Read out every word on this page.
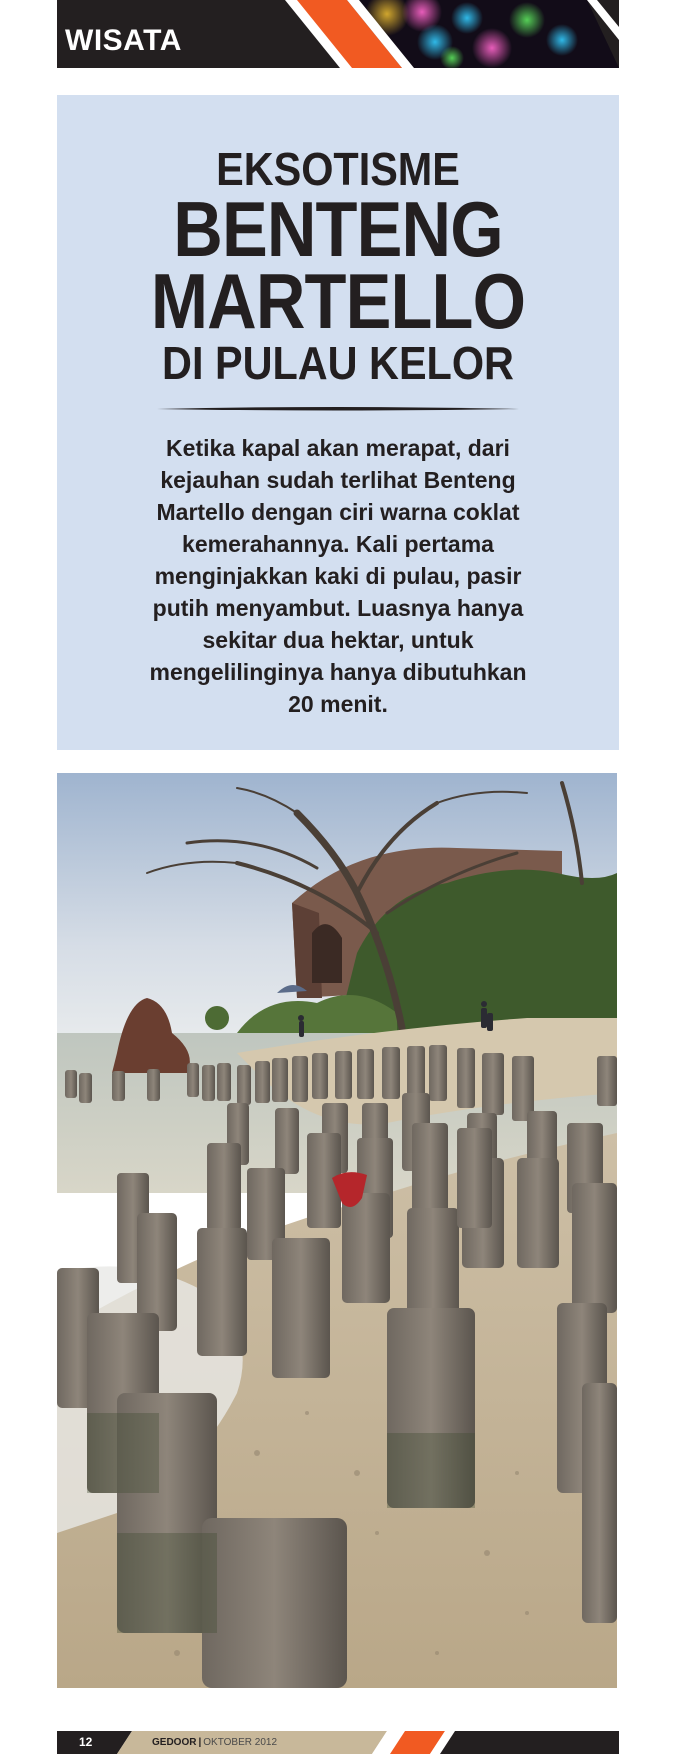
WISATA
EKSOTISME
BENTENG
MARTELLO
DI PULAU KELOR

Ketika kapal akan merapat, dari kejauhan sudah terlihat Benteng Martello dengan ciri warna coklat kemerahannya. Kali pertama menginjakkan kaki di pulau, pasir putih menyambut. Luasnya hanya sekitar dua hektar, untuk mengelilinginya hanya dibutuhkan 20 menit.

12	GEDOOR | OKTOBER 2012
